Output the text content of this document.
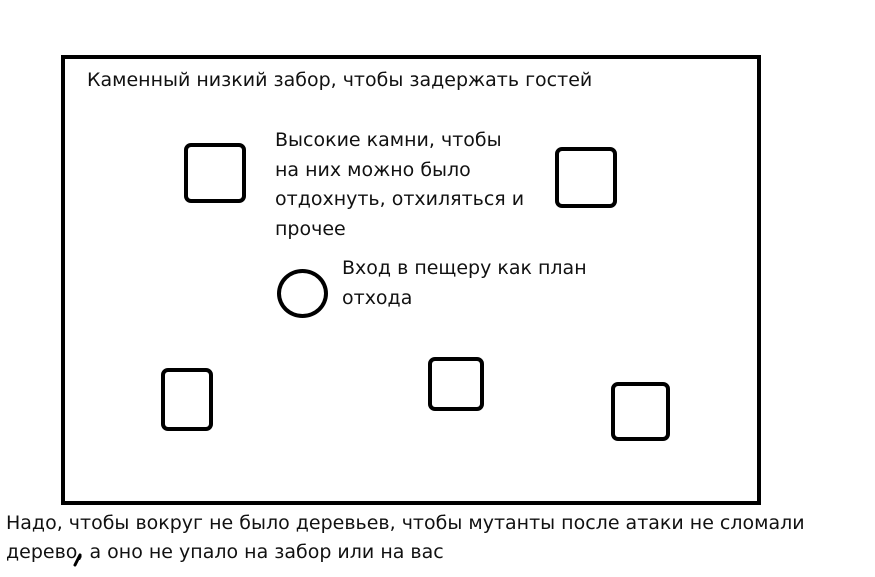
Каменный низкий забор, чтобы задержать гостей
Высокие камни, чтобы
на них можно было
отдохнуть, отхиляться и
прочее
Вход в пещеру как план
отхода
Надо, чтобы вокруг не было деревьев, чтобы мутанты после атаки не сломали
дерево, а оно не упало на забор или на вас
